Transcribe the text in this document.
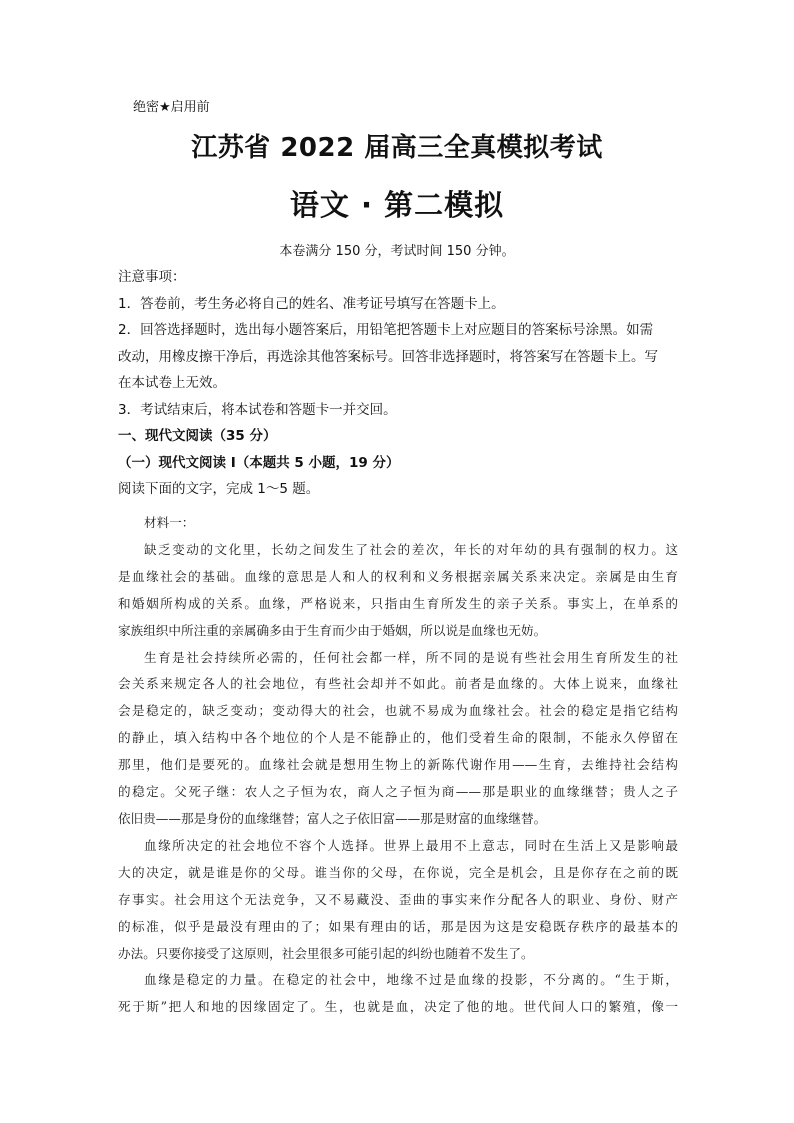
绝密★启用前
江苏省 2022 届高三全真模拟考试
语文 · 第二模拟
本卷满分 150 分，考试时间 150 分钟。
注意事项：
1．答卷前，考生务必将自己的姓名、准考证号填写在答题卡上。
2．回答选择题时，选出每小题答案后，用铅笔把答题卡上对应题目的答案标号涂黑。如需
改动，用橡皮擦干净后，再选涂其他答案标号。回答非选择题时，将答案写在答题卡上。写
在本试卷上无效。
3．考试结束后，将本试卷和答题卡一并交回。
一、现代文阅读（35 分）
（一）现代文阅读 I（本题共 5 小题，19 分）
阅读下面的文字，完成 1～5 题。
材料一：
缺乏变动的文化里，长幼之间发生了社会的差次，年长的对年幼的具有强制的权力。这
是血缘社会的基础。血缘的意思是人和人的权利和义务根据亲属关系来决定。亲属是由生育
和婚姻所构成的关系。血缘，严格说来，只指由生育所发生的亲子关系。事实上，在单系的
家族组织中所注重的亲属确多由于生育而少由于婚姻，所以说是血缘也无妨。
生育是社会持续所必需的，任何社会都一样，所不同的是说有些社会用生育所发生的社
会关系来规定各人的社会地位，有些社会却并不如此。前者是血缘的。大体上说来，血缘社
会是稳定的，缺乏变动；变动得大的社会，也就不易成为血缘社会。社会的稳定是指它结构
的静止，填入结构中各个地位的个人是不能静止的，他们受着生命的限制，不能永久停留在
那里，他们是要死的。血缘社会就是想用生物上的新陈代谢作用——生育，去维持社会结构
的稳定。父死子继：农人之子恒为农，商人之子恒为商——那是职业的血缘继替；贵人之子
依旧贵——那是身份的血缘继替；富人之子依旧富——那是财富的血缘继替。
血缘所决定的社会地位不容个人选择。世界上最用不上意志，同时在生活上又是影响最
大的决定，就是谁是你的父母。谁当你的父母，在你说，完全是机会，且是你存在之前的既
存事实。社会用这个无法竞争，又不易藏没、歪曲的事实来作分配各人的职业、身份、财产
的标准，似乎是最没有理由的了；如果有理由的话，那是因为这是安稳既存秩序的最基本的
办法。只要你接受了这原则，社会里很多可能引起的纠纷也随着不发生了。
血缘是稳定的力量。在稳定的社会中，地缘不过是血缘的投影，不分离的。“生于斯，
死于斯”把人和地的因缘固定了。生，也就是血，决定了他的地。世代间人口的繁殖，像一
